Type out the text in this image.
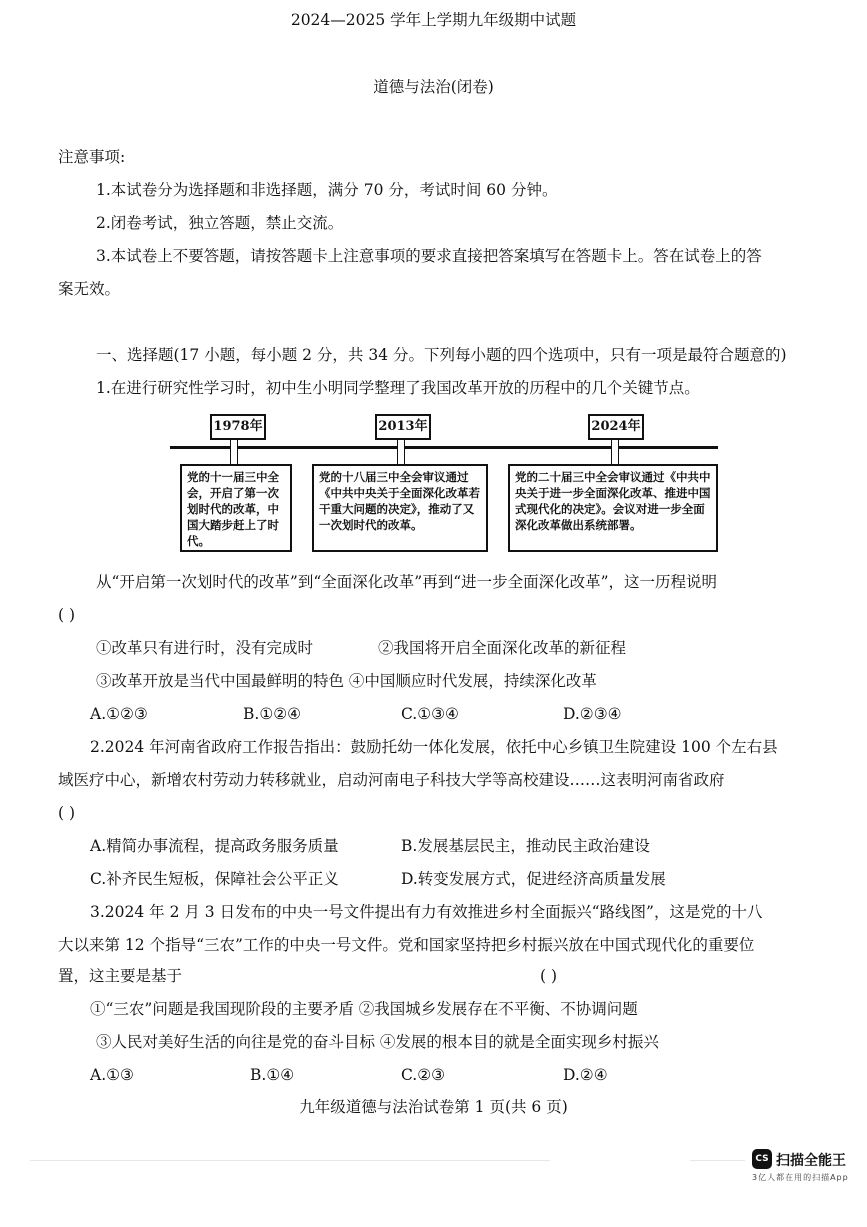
2024—2025 学年上学期九年级期中试题
道德与法治(闭卷)
注意事项:
1.本试卷分为选择题和非选择题，满分 70 分，考试时间 60 分钟。
2.闭卷考试，独立答题，禁止交流。
3.本试卷上不要答题，请按答题卡上注意事项的要求直接把答案填写在答题卡上。答在试卷上的答
案无效。
一、选择题(17 小题，每小题 2 分，共 34 分。下列每小题的四个选项中，只有一项是最符合题意的)
1.在进行研究性学习时，初中生小明同学整理了我国改革开放的历程中的几个关键节点。
1978年
党的十一届三中全会，开启了第一次划时代的改革，中国大踏步赶上了时代。
2013年
党的十八届三中全会审议通过《中共中央关于全面深化改革若干重大问题的决定》，推动了又一次划时代的改革。
2024年
党的二十届三中全会审议通过《中共中央关于进一步全面深化改革、推进中国式现代化的决定》。会议对进一步全面深化改革做出系统部署。
从“开启第一次划时代的改革”到“全面深化改革”再到“进一步全面深化改革”，这一历程说明
( )
①改革只有进行时，没有完成时	②我国将开启全面深化改革的新征程
③改革开放是当代中国最鲜明的特色 ④中国顺应时代发展，持续深化改革
A.①②③	B.①②④	C.①③④	D.②③④
2.2024 年河南省政府工作报告指出：鼓励托幼一体化发展，依托中心乡镇卫生院建设 100 个左右县
域医疗中心，新增农村劳动力转移就业，启动河南电子科技大学等高校建设……这表明河南省政府
( )
A.精简办事流程，提高政务服务质量	B.发展基层民主，推动民主政治建设
C.补齐民生短板，保障社会公平正义	D.转变发展方式，促进经济高质量发展
3.2024 年 2 月 3 日发布的中央一号文件提出有力有效推进乡村全面振兴“路线图”，这是党的十八
大以来第 12 个指导“三农”工作的中央一号文件。党和国家坚持把乡村振兴放在中国式现代化的重要位
置，这主要是基于	( )
①“三农”问题是我国现阶段的主要矛盾 ②我国城乡发展存在不平衡、不协调问题
③人民对美好生活的向往是党的奋斗目标 ④发展的根本目的就是全面实现乡村振兴
A.①③	B.①④	C.②③	D.②④
九年级道德与法治试卷第 1 页(共 6 页)
CS 扫描全能王
3亿人都在用的扫描App
